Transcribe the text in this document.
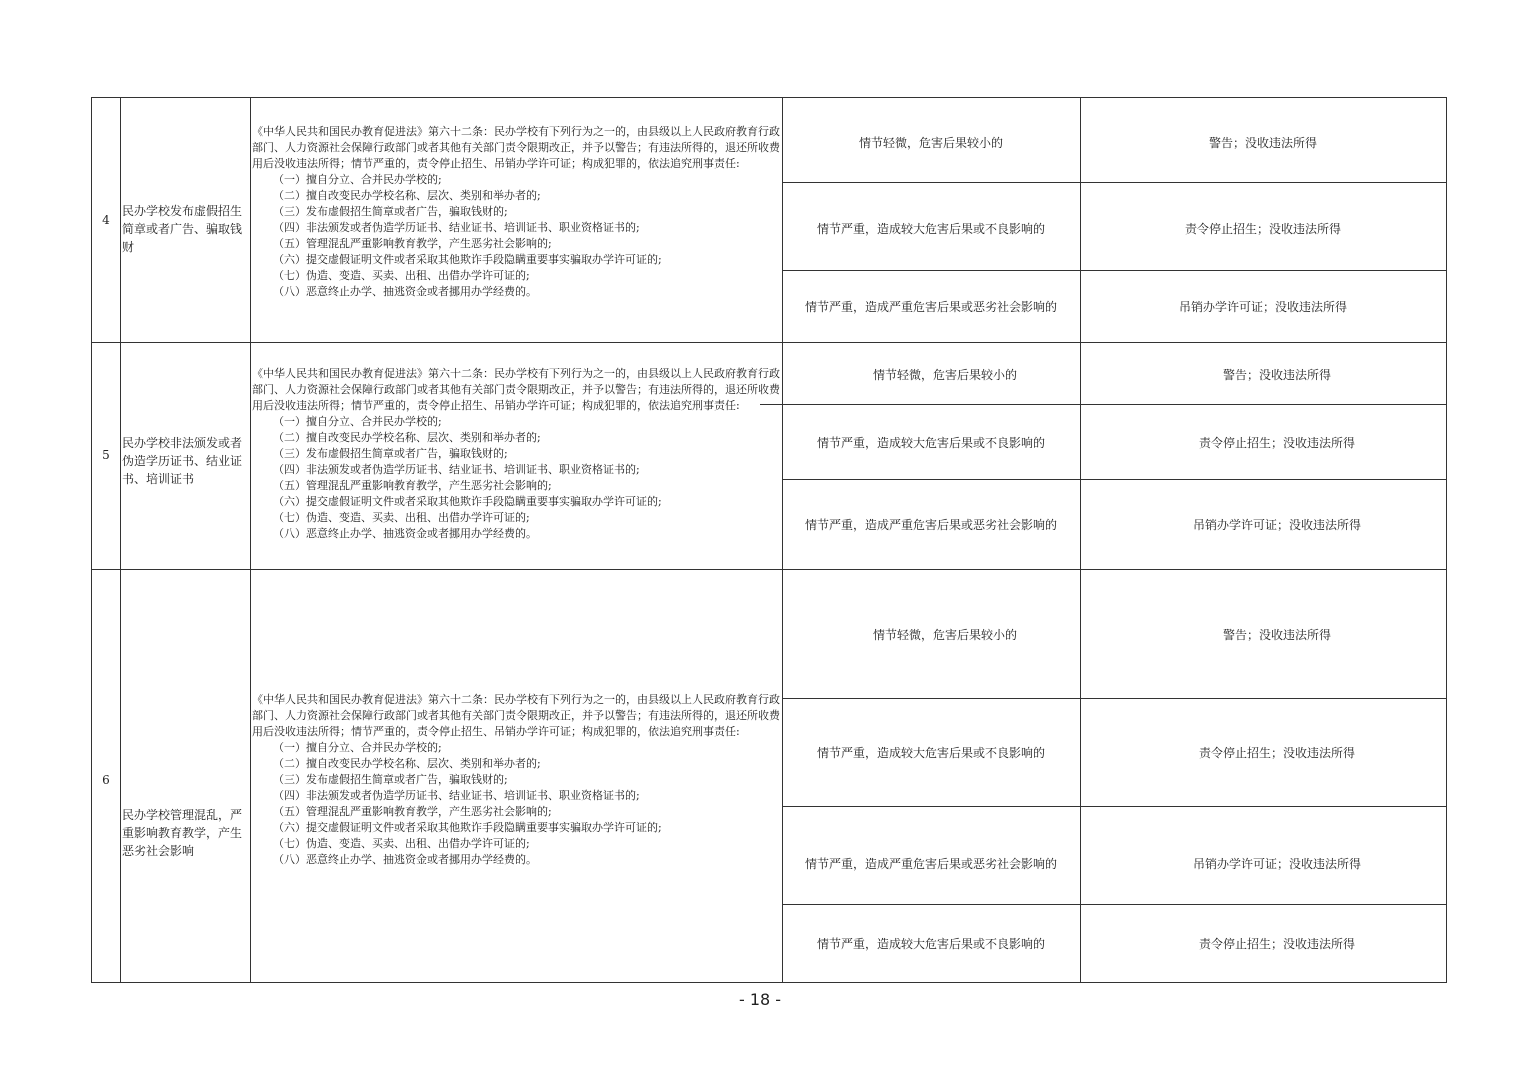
4
民办学校发布虚假招生简章或者广告、骗取钱财
《中华人民共和国民办教育促进法》第六十二条：民办学校有下列行为之一的，由县级以上人民政府教育行政部门、人力资源社会保障行政部门或者其他有关部门责令限期改正，并予以警告；有违法所得的，退还所收费用后没收违法所得；情节严重的，责令停止招生、吊销办学许可证；构成犯罪的，依法追究刑事责任:
（一）擅自分立、合并民办学校的;
（二）擅自改变民办学校名称、层次、类别和举办者的;
（三）发布虚假招生简章或者广告，骗取钱财的;
（四）非法颁发或者伪造学历证书、结业证书、培训证书、职业资格证书的;
（五）管理混乱严重影响教育教学，产生恶劣社会影响的;
（六）提交虚假证明文件或者采取其他欺诈手段隐瞒重要事实骗取办学许可证的;
（七）伪造、变造、买卖、出租、出借办学许可证的;
（八）恶意终止办学、抽逃资金或者挪用办学经费的。
情节轻微，危害后果较小的	警告；没收违法所得
情节严重，造成较大危害后果或不良影响的	责令停止招生；没收违法所得
情节严重，造成严重危害后果或恶劣社会影响的	吊销办学许可证；没收违法所得
5
民办学校非法颁发或者伪造学历证书、结业证书、培训证书
《中华人民共和国民办教育促进法》第六十二条：民办学校有下列行为之一的，由县级以上人民政府教育行政部门、人力资源社会保障行政部门或者其他有关部门责令限期改正，并予以警告；有违法所得的，退还所收费用后没收违法所得；情节严重的，责令停止招生、吊销办学许可证；构成犯罪的，依法追究刑事责任:
（一）擅自分立、合并民办学校的;
（二）擅自改变民办学校名称、层次、类别和举办者的;
（三）发布虚假招生简章或者广告，骗取钱财的;
（四）非法颁发或者伪造学历证书、结业证书、培训证书、职业资格证书的;
（五）管理混乱严重影响教育教学，产生恶劣社会影响的;
（六）提交虚假证明文件或者采取其他欺诈手段隐瞒重要事实骗取办学许可证的;
（七）伪造、变造、买卖、出租、出借办学许可证的;
（八）恶意终止办学、抽逃资金或者挪用办学经费的。
情节轻微，危害后果较小的	警告；没收违法所得
情节严重，造成较大危害后果或不良影响的	责令停止招生；没收违法所得
情节严重，造成严重危害后果或恶劣社会影响的	吊销办学许可证；没收违法所得
6
民办学校管理混乱，严重影响教育教学，产生恶劣社会影响
《中华人民共和国民办教育促进法》第六十二条：民办学校有下列行为之一的，由县级以上人民政府教育行政部门、人力资源社会保障行政部门或者其他有关部门责令限期改正，并予以警告；有违法所得的，退还所收费用后没收违法所得；情节严重的，责令停止招生、吊销办学许可证；构成犯罪的，依法追究刑事责任:
（一）擅自分立、合并民办学校的;
（二）擅自改变民办学校名称、层次、类别和举办者的;
（三）发布虚假招生简章或者广告，骗取钱财的;
（四）非法颁发或者伪造学历证书、结业证书、培训证书、职业资格证书的;
（五）管理混乱严重影响教育教学，产生恶劣社会影响的;
（六）提交虚假证明文件或者采取其他欺诈手段隐瞒重要事实骗取办学许可证的;
（七）伪造、变造、买卖、出租、出借办学许可证的;
（八）恶意终止办学、抽逃资金或者挪用办学经费的。
情节轻微，危害后果较小的	警告；没收违法所得
情节严重，造成较大危害后果或不良影响的	责令停止招生；没收违法所得
情节严重，造成严重危害后果或恶劣社会影响的	吊销办学许可证；没收违法所得
情节严重，造成较大危害后果或不良影响的	责令停止招生；没收违法所得
- 18 -
